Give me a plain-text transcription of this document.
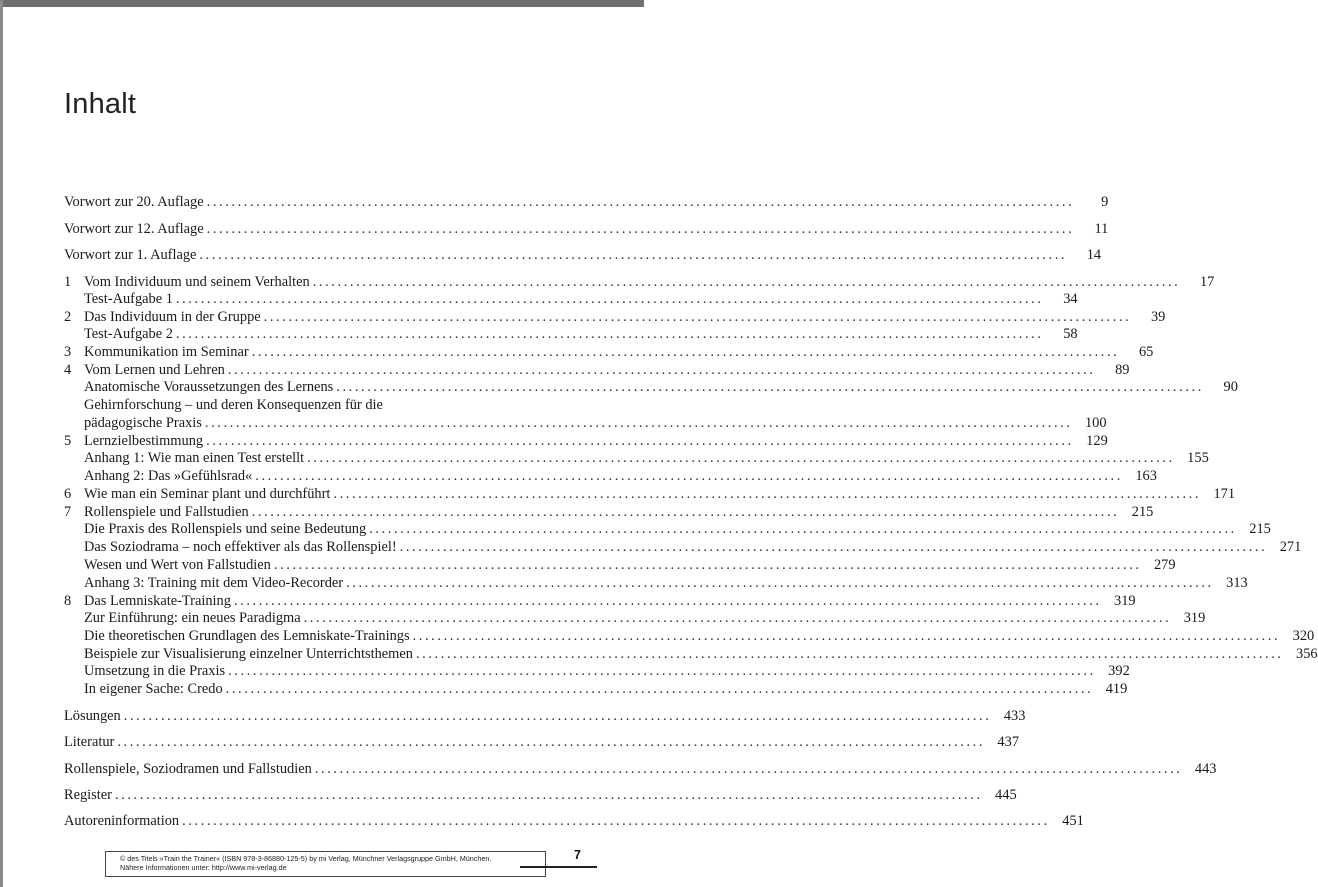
Inhalt
Vorwort zur 20. Auflage ............................................................................................................................................	9
Vorwort zur 12. Auflage ............................................................................................................................................	11
Vorwort zur 1. Auflage ............................................................................................................................................	14
1 Vom Individuum und seinem Verhalten ............................................................................................................................................	17
Test-Aufgabe 1 ............................................................................................................................................	34
2 Das Individuum in der Gruppe ............................................................................................................................................	39
Test-Aufgabe 2 ............................................................................................................................................	58
3 Kommunikation im Seminar ............................................................................................................................................	65
4 Vom Lernen und Lehren ............................................................................................................................................	89
Anatomische Voraussetzungen des Lernens ............................................................................................................................................	90
Gehirnforschung – und deren Konsequenzen für die
pädagogische Praxis ............................................................................................................................................ 100
5 Lernzielbestimmung ............................................................................................................................................ 129
Anhang 1: Wie man einen Test erstellt ............................................................................................................................................ 155
Anhang 2: Das »Gefühlsrad« ............................................................................................................................................ 163
6 Wie man ein Seminar plant und durchführt ............................................................................................................................................ 171
7 Rollenspiele und Fallstudien ............................................................................................................................................ 215
Die Praxis des Rollenspiels und seine Bedeutung ............................................................................................................................................ 215
Das Soziodrama – noch effektiver als das Rollenspiel! ............................................................................................................................................ 271
Wesen und Wert von Fallstudien ............................................................................................................................................ 279
Anhang 3: Training mit dem Video-Recorder ............................................................................................................................................ 313
8 Das Lemniskate-Training ............................................................................................................................................ 319
Zur Einführung: ein neues Paradigma ............................................................................................................................................ 319
Die theoretischen Grundlagen des Lemniskate-Trainings ............................................................................................................................................ 320
Beispiele zur Visualisierung einzelner Unterrichtsthemen ............................................................................................................................................ 356
Umsetzung in die Praxis ............................................................................................................................................ 392
In eigener Sache: Credo ............................................................................................................................................ 419
Lösungen ............................................................................................................................................ 433
Literatur ............................................................................................................................................ 437
Rollenspiele, Soziodramen und Fallstudien ............................................................................................................................................ 443
Register ............................................................................................................................................ 445
Autoreninformation ............................................................................................................................................ 451
© des Titels »Train the Trainer« (ISBN 978-3-86880-125-5) by mi Verlag, Münchner Verlagsgruppe GmbH, München.
Nähere Informationen unter: http://www.mi-verlag.de
7
